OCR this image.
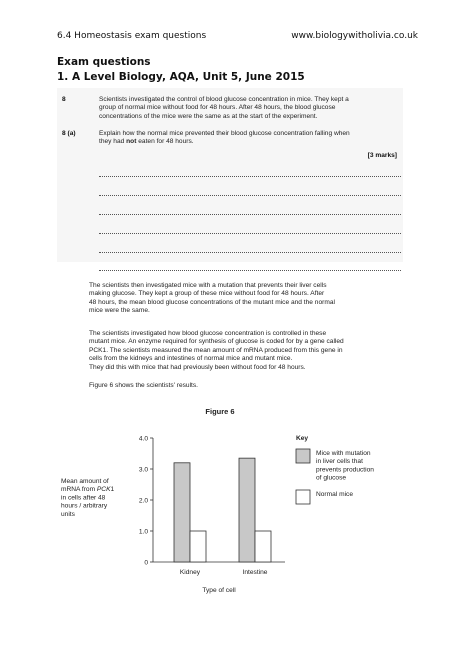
6.4 Homeostasis exam questions	www.biologywitholivia.co.uk
Exam questions
1. A Level Biology, AQA, Unit 5, June 2015
8	Scientists investigated the control of blood glucose concentration in mice. They kept a
group of normal mice without food for 48 hours. After 48 hours, the blood glucose
concentrations of the mice were the same as at the start of the experiment.
8 (a)	Explain how the normal mice prevented their blood glucose concentration falling when
they had not eaten for 48 hours.
[3 marks]
The scientists then investigated mice with a mutation that prevents their liver cells
making glucose. They kept a group of these mice without food for 48 hours. After
48 hours, the mean blood glucose concentrations of the mutant mice and the normal
mice were the same.
The scientists investigated how blood glucose concentration is controlled in these
mutant mice. An enzyme required for synthesis of glucose is coded for by a gene called
PCK1. The scientists measured the mean amount of mRNA produced from this gene in
cells from the kidneys and intestines of normal mice and mutant mice.
They did this with mice that had previously been without food for 48 hours.
Figure 6 shows the scientists' results.
Figure 6
0
1.0
2.0
3.0
4.0
Mean amount of
mRNA from PCK1
in cells after 48
hours / arbitrary
units
Kidney	Intestine
Type of cell
Key
Mice with mutation
in liver cells that
prevents production
of glucose
Normal mice
